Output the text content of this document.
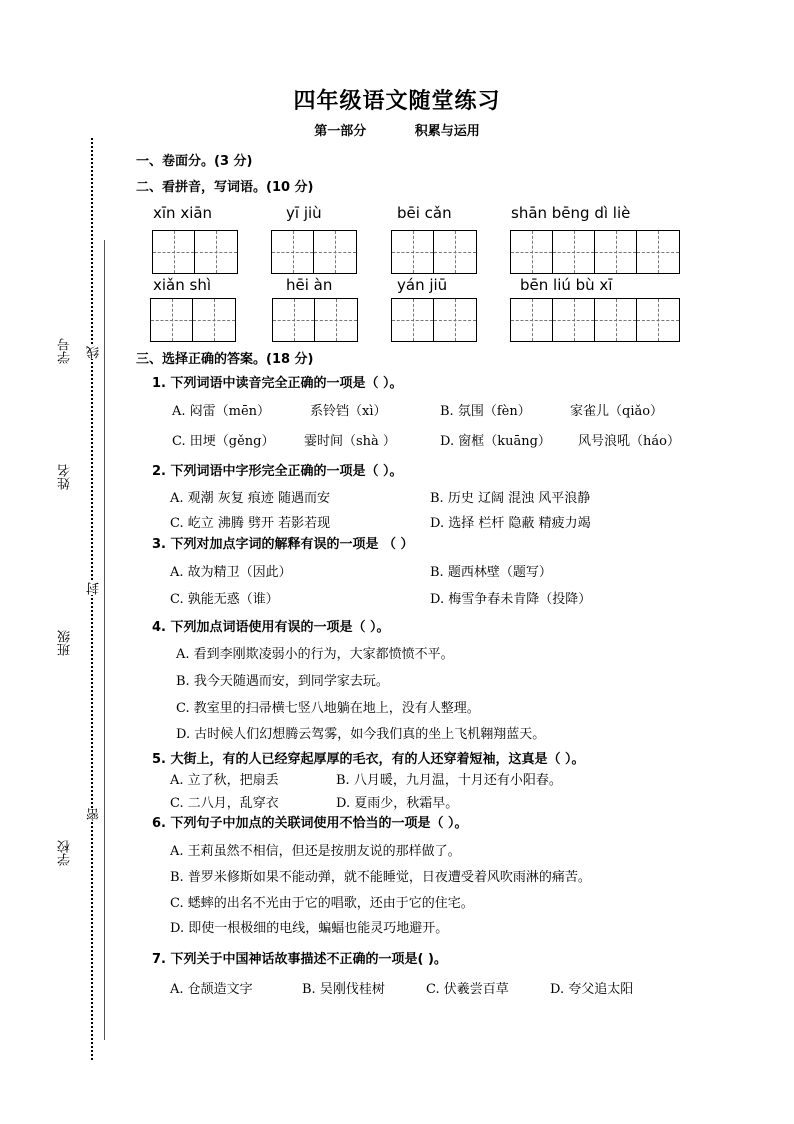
学号
姓名
班级
学校
线
封
密
四年级语文随堂练习
第一部分	积累与运用
一、卷面分。(3 分)
二、看拼音，写词语。(10 分)
xīn xiān	yī jiù	bēi cǎn	shān bēng dì liè
xiǎn shì	hēi àn	yán jiū	bēn liú bù xī
三、选择正确的答案。(18 分)
1. 下列词语中读音完全正确的一项是（ ）。
A. 闷雷（mēn）	系铃铛（xì）	B. 氛围（fèn）	家雀儿（qiǎo）
C. 田埂（gěng） 霎时间（shà ）	D. 窗框（kuāng） 风号浪吼（háo）
2. 下列词语中字形完全正确的一项是（ ）。
A. 观潮 灰复 痕迹 随遇而安	B. 历史 辽阔 混浊 风平浪静
C. 屹立 沸腾 劈开 若影若现	D. 选择 栏杆 隐蔽 精疲力竭
3. 下列对加点字词的解释有误的一项是 （ ）
A. 故为精卫（因此）	B. 题西林壁（题写）
C. 孰能无惑（谁）	D. 梅雪争春未肯降（投降）
4. 下列加点词语使用有误的一项是（ ）。
A. 看到李刚欺凌弱小的行为，大家都愤愤不平。
B. 我今天随遇而安，到同学家去玩。
C. 教室里的扫帚横七竖八地躺在地上，没有人整理。
D. 古时候人们幻想腾云驾雾，如今我们真的坐上飞机翱翔蓝天。
5. 大街上，有的人已经穿起厚厚的毛衣，有的人还穿着短袖，这真是（ ）。
A. 立了秋，把扇丢	B. 八月暖，九月温，十月还有小阳春。
C. 二八月，乱穿衣	D. 夏雨少，秋霜早。
6. 下列句子中加点的关联词使用不恰当的一项是（ ）。
A. 王莉虽然不相信，但还是按朋友说的那样做了。
B. 普罗米修斯如果不能动弹，就不能睡觉，日夜遭受着风吹雨淋的痛苦。
C. 蟋蟀的出名不光由于它的唱歌，还由于它的住宅。
D. 即使一根极细的电线，蝙蝠也能灵巧地避开。
7. 下列关于中国神话故事描述不正确的一项是( )。
A. 仓颉造文字	B. 吴刚伐桂树	C. 伏羲尝百草	D. 夸父追太阳
